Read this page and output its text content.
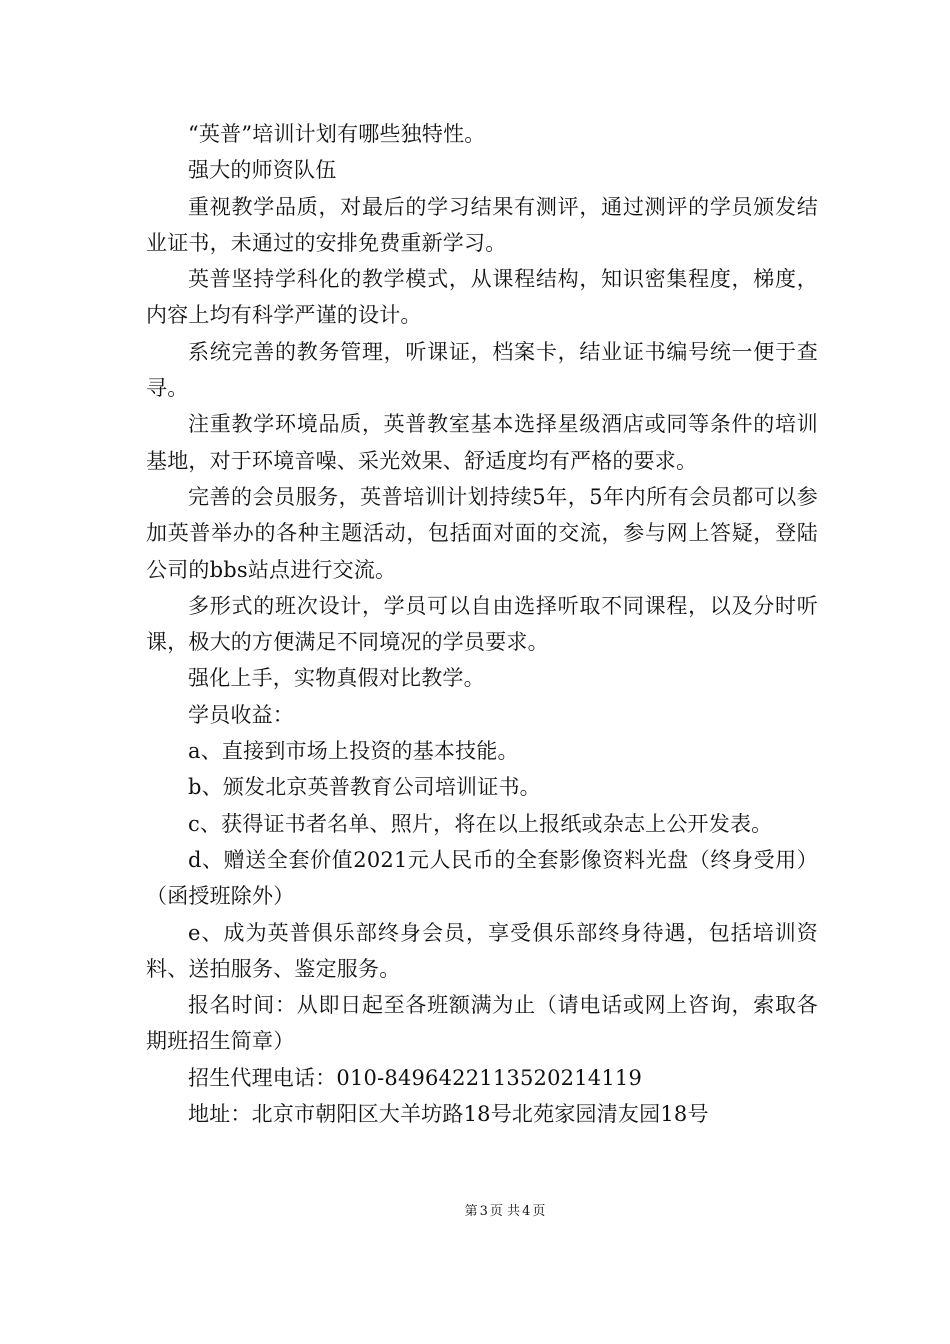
“英普”培训计划有哪些独特性。

强大的师资队伍

重视教学品质，对最后的学习结果有测评，通过测评的学员颁发结业证书，未通过的安排免费重新学习。

英普坚持学科化的教学模式，从课程结构，知识密集程度，梯度，内容上均有科学严谨的设计。

系统完善的教务管理，听课证，档案卡，结业证书编号统一便于查寻。

注重教学环境品质，英普教室基本选择星级酒店或同等条件的培训基地，对于环境音噪、采光效果、舒适度均有严格的要求。

完善的会员服务，英普培训计划持续5年，5年内所有会员都可以参加英普举办的各种主题活动，包括面对面的交流，参与网上答疑，登陆公司的bbs站点进行交流。

多形式的班次设计，学员可以自由选择听取不同课程，以及分时听课，极大的方便满足不同境况的学员要求。

强化上手，实物真假对比教学。

学员收益：

a、直接到市场上投资的基本技能。

b、颁发北京英普教育公司培训证书。

c、获得证书者名单、照片，将在以上报纸或杂志上公开发表。

d、赠送全套价值2021元人民币的全套影像资料光盘（终身受用）（函授班除外）

e、成为英普俱乐部终身会员，享受俱乐部终身待遇，包括培训资料、送拍服务、鉴定服务。

报名时间：从即日起至各班额满为止（请电话或网上咨询，索取各期班招生简章）

招生代理电话：010-8496422113520214119

地址：北京市朝阳区大羊坊路18号北苑家园清友园18号

第 3 页 共 4 页
